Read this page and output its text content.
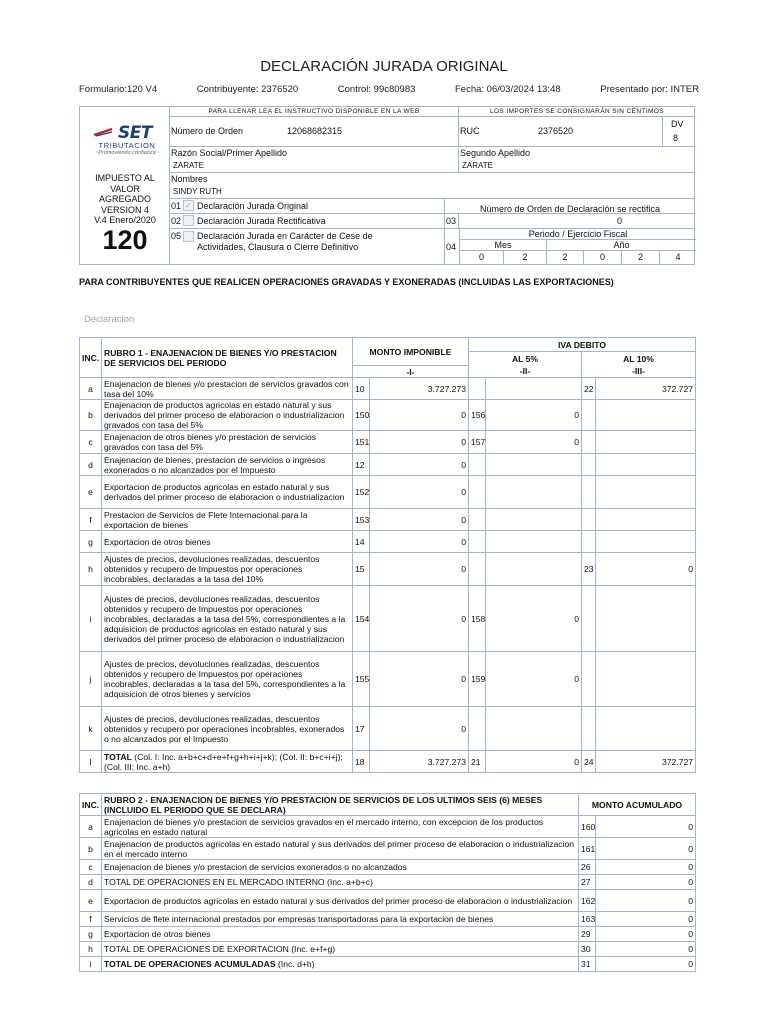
DECLARACIÓN JURADA ORIGINAL
Formulario:120 V4	Contribuyente: 2376520	Control: 99c80983	Fecha: 06/03/2024 13:48	Presentado por: INTER
PARA LLENAR LEA EL INSTRUCTIVO DISPONIBLE EN LA WEB	LOS IMPORTES SE CONSIGNARÁN SIN CÉNTIMOS
SET
TRIBUTACION
~Promoviendo confianza~
IMPUESTO AL
VALOR
AGREGADO
VERSION 4
V.4 Enero/2020
120
Número de Orden	12068682315	RUC	2376520
DV
8
Razón Social/Primer Apellido
ZARATE
Segundo Apellido
ZARATE
Nombres
SINDY RUTH
01 ✓ Declaración Jurada Original	Número de Orden de Declaración se rectifica
02 Declaración Jurada Rectificativa	03	0
05 Declaración Jurada en Carácter de Cese de
Actividades, Clausura o Cierre Definitivo	04
Periodo / Ejercicio Fiscal
Mes	Año
0	2	2	0	2	4
PARA CONTRIBUYENTES QUE REALICEN OPERACIONES GRAVADAS Y EXONERADAS (INCLUIDAS LAS EXPORTACIONES)
Declaracion
INC.	RUBRO 1 - ENAJENACION DE BIENES Y/O PRESTACION DE SERVICIOS DEL PERIODO	MONTO IMPONIBLE		IVA DEBITO			
				AL 5%		AL 10%	
		-I-		-II-		-III-	
a	Enajenacion de bienes y/o prestacion de servicios gravados con tasa del 10%	10	3.727.273			22	372.727
b	Enajenacion de productos agricolas en estado natural y sus derivados del primer proceso de elaboracion o industrializacion gravados con tasa del 5%	150	0	156	0		
c	Enajenacion de otros bienes y/o prestacion de servicios gravados con tasa del 5%	151	0	157	0		
d	Enajenacion de bienes, prestacion de servicios o ingresos exonerados o no alcanzados por el Impuesto	12	0				
e	Exportacion de productos agricolas en estado natural y sus derivados del primer proceso de elaboracion o industrializacion	152	0				
f	Prestacion de Servicios de Flete Internacional para la exportacion de bienes	153	0				
g	Exportacion de otros bienes	14	0				
h	Ajustes de precios, devoluciones realizadas, descuentos obtenidos y recupero de Impuestos por operaciones incobrables, declaradas a la tasa del 10%	15	0			23	0
i	Ajustes de precios, devoluciones realizadas, descuentos obtenidos y recupero de Impuestos por operaciones incobrables, declaradas a la tasa del 5%, correspondientes a la adquisicion de productos agricolas en estado natural y sus derivados del primer proceso de elaboracion o industrializacion	154	0	158	0		
j	Ajustes de precios, devoluciones realizadas, descuentos obtenidos y recupero de Impuestos por operaciones incobrables, declaradas a la tasa del 5%, correspondientes a la adquisicion de otros bienes y servicios	155	0	159	0		
k	Ajustes de precios, devoluciones realizadas, descuentos obtenidos y recupero por operaciones incobrables, exonerados o no alcanzados por el Impuesto	17	0				
l	TOTAL (Col. I: Inc. a+b+c+d+e+f+g+h+i+j+k); (Col. II: b+c+i+j); (Col. III: Inc. a+h)	18	3.727.273	21	0	24	372.727
INC.	RUBRO 2 - ENAJENACION DE BIENES Y/O PRESTACION DE SERVICIOS DE LOS ULTIMOS SEIS (6) MESES (INCLUIDO EL PERIODO QUE SE DECLARA)	MONTO ACUMULADO	
a	Enajenacion de bienes y/o prestacion de servicios gravados en el mercado interno, con excepcion de los productos agricolas en estado natural	160	0
b	Enajenacion de productos agricolas en estado natural y sus derivados del primer proceso de elaboracion o industrializacion en el mercado interno	161	0
c	Enajenacion de bienes y/o prestacion de servicios exonerados o no alcanzados	26	0
d	TOTAL DE OPERACIONES EN EL MERCADO INTERNO (Inc. a+b+c)	27	0
e	Exportacion de productos agricolas en estado natural y sus derivados del primer proceso de elaboracion o industrializacion	162	0
f	Servicios de flete internacional prestados por empresas transportadoras para la exportacion de bienes	163	0
g	Exportacion de otros bienes	29	0
h	TOTAL DE OPERACIONES DE EXPORTACION (Inc. e+f+g)	30	0
i	TOTAL DE OPERACIONES ACUMULADAS (Inc. d+h)	31	0
